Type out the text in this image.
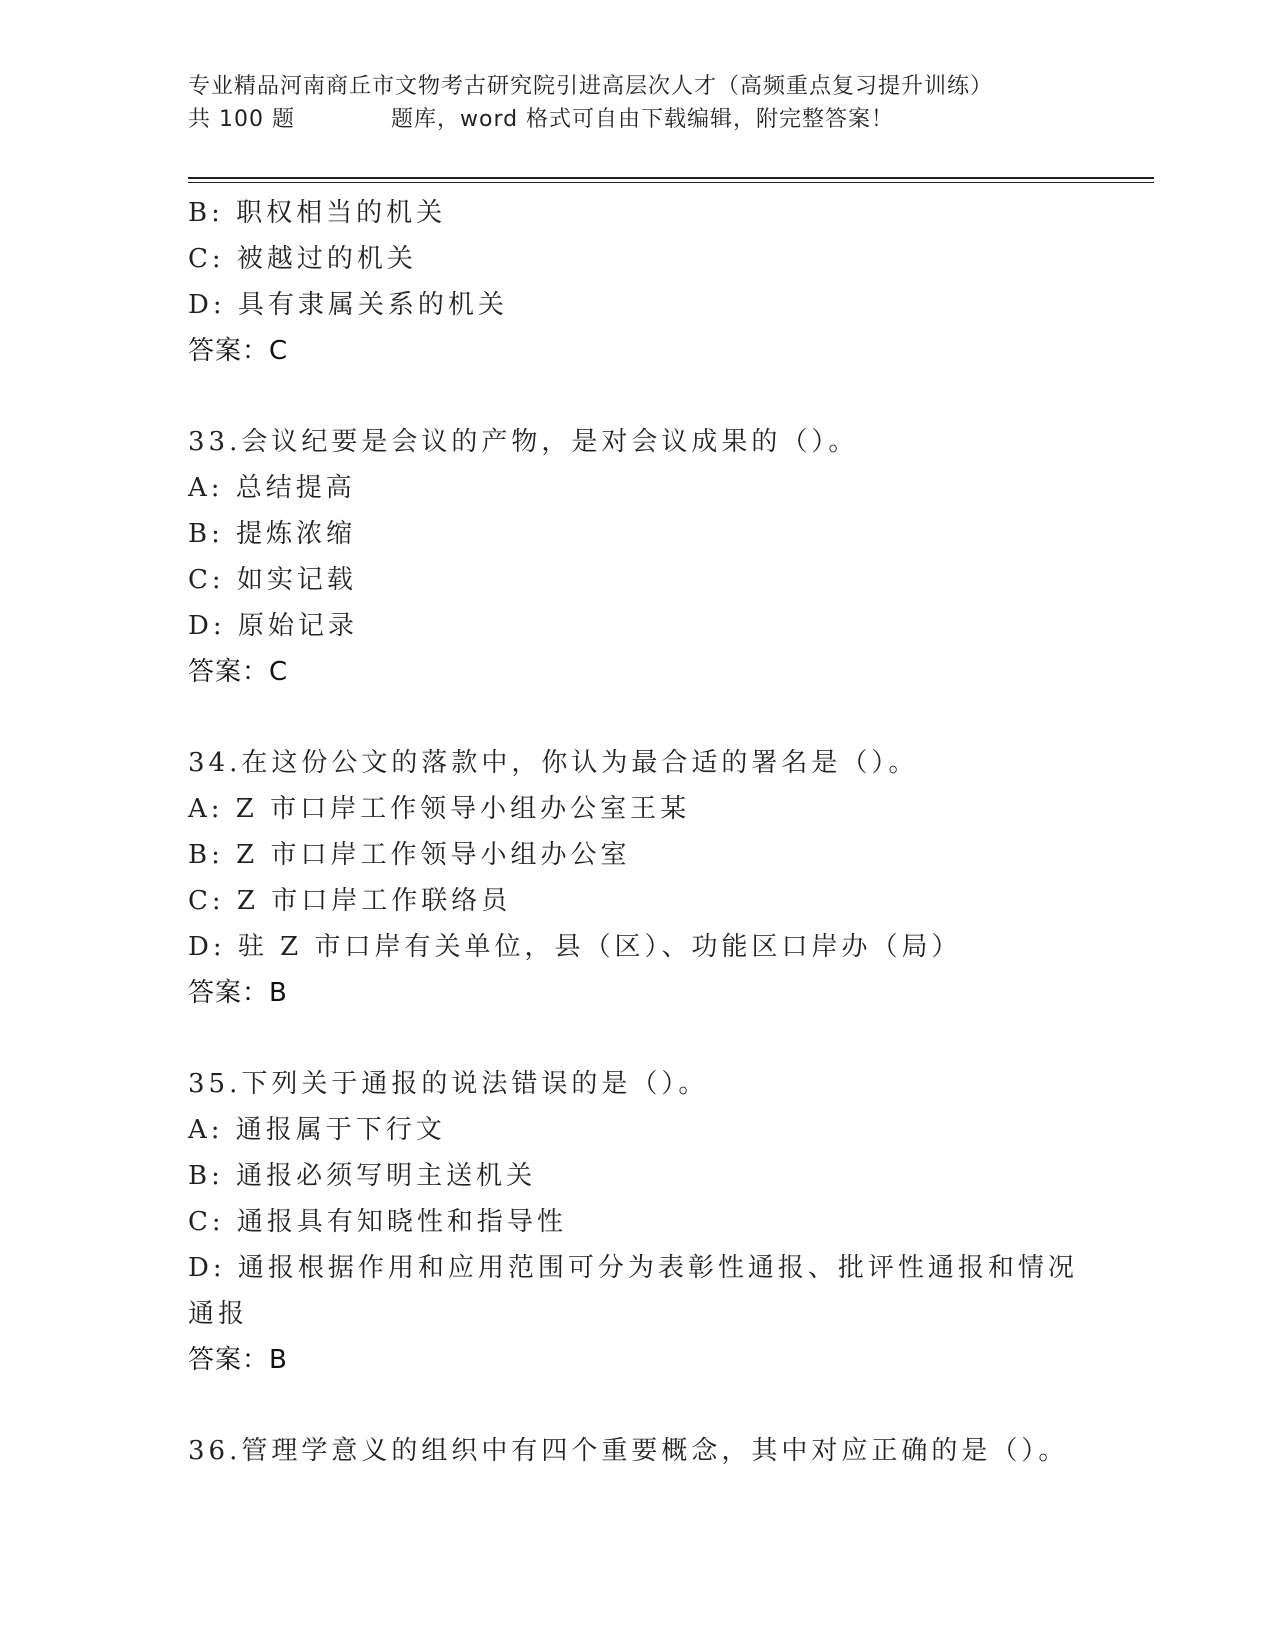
专业精品河南商丘市文物考古研究院引进高层次人才（高频重点复习提升训练）
共 100 题	题库，word 格式可自由下载编辑，附完整答案！
B: 职权相当的机关
C: 被越过的机关
D: 具有隶属关系的机关
答案：C
33.会议纪要是会议的产物，是对会议成果的（）。
A: 总结提高
B: 提炼浓缩
C: 如实记载
D: 原始记录
答案：C
34.在这份公文的落款中，你认为最合适的署名是（）。
A: Z 市口岸工作领导小组办公室王某
B: Z 市口岸工作领导小组办公室
C: Z 市口岸工作联络员
D: 驻 Z 市口岸有关单位，县（区）、功能区口岸办（局）
答案：B
35.下列关于通报的说法错误的是（）。
A: 通报属于下行文
B: 通报必须写明主送机关
C: 通报具有知晓性和指导性
D: 通报根据作用和应用范围可分为表彰性通报、批评性通报和情况通报
答案：B
36.管理学意义的组织中有四个重要概念，其中对应正确的是（）。
